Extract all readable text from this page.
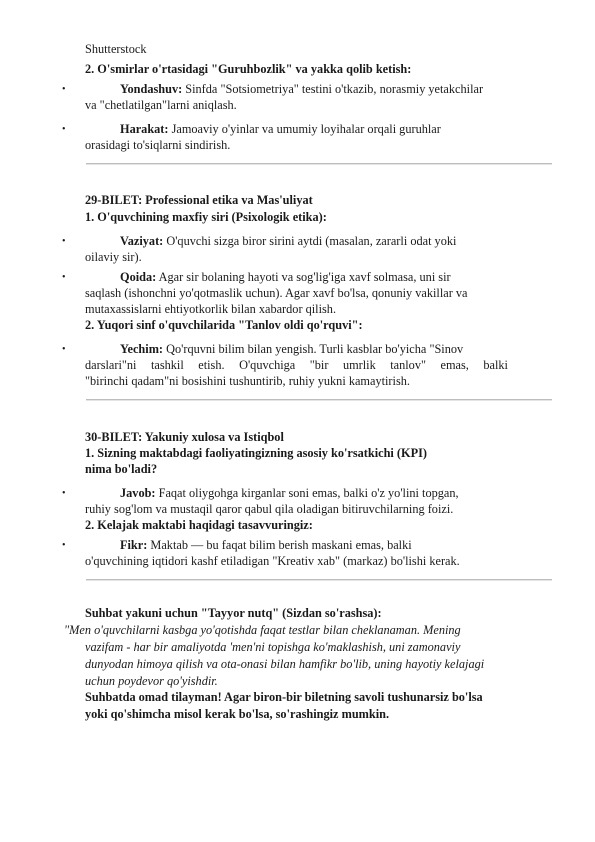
Shutterstock
2. O'smirlar o'rtasidagi "Guruhbozlik" va yakka qolib ketish:
•	Yondashuv: Sinfda "Sotsiometriya" testini o'tkazib, norasmiy yetakchilar
va "chetlatilgan"larni aniqlash.
•	Harakat: Jamoaviy o'yinlar va umumiy loyihalar orqali guruhlar
orasidagi to'siqlarni sindirish.
29-BILET: Professional etika va Mas'uliyat
1. O'quvchining maxfiy siri (Psixologik etika):
•	Vaziyat: O'quvchi sizga biror sirini aytdi (masalan, zararli odat yoki
oilaviy sir).
•	Qoida: Agar sir bolaning hayoti va sog'lig'iga xavf solmasa, uni sir
saqlash (ishonchni yo'qotmaslik uchun). Agar xavf bo'lsa, qonuniy vakillar va
mutaxassislarni ehtiyotkorlik bilan xabardor qilish.
2. Yuqori sinf o'quvchilarida "Tanlov oldi qo'rquvi":
•	Yechim: Qo'rquvni bilim bilan yengish. Turli kasblar bo'yicha "Sinov
darslari"ni tashkil etish. O'quvchiga "bir umrlik tanlov" emas, balki
"birinchi qadam"ni bosishini tushuntirib, ruhiy yukni kamaytirish.
30-BILET: Yakuniy xulosa va Istiqbol
1. Sizning maktabdagi faoliyatingizning asosiy ko'rsatkichi (KPI)
nima bo'ladi?
•	Javob: Faqat oliygohga kirganlar soni emas, balki o'z yo'lini topgan,
ruhiy sog'lom va mustaqil qaror qabul qila oladigan bitiruvchilarning foizi.
2. Kelajak maktabi haqidagi tasavvuringiz:
•	Fikr: Maktab — bu faqat bilim berish maskani emas, balki
o'quvchining iqtidori kashf etiladigan "Kreativ xab" (markaz) bo'lishi kerak.
Suhbat yakuni uchun "Tayyor nutq" (Sizdan so'rashsa):
"Men o'quvchilarni kasbga yo'qotishda faqat testlar bilan cheklanaman. Mening
vazifam - har bir amaliyotda 'men'ni topishga ko'maklashish, uni zamonaviy
dunyodan himoya qilish va ota-onasi bilan hamfikr bo'lib, uning hayotiy kelajagi
uchun poydevor qo'yishdir.
Suhbatda omad tilayman! Agar biron-bir biletning savoli tushunarsiz bo'lsa
yoki qo'shimcha misol kerak bo'lsa, so'rashingiz mumkin.
